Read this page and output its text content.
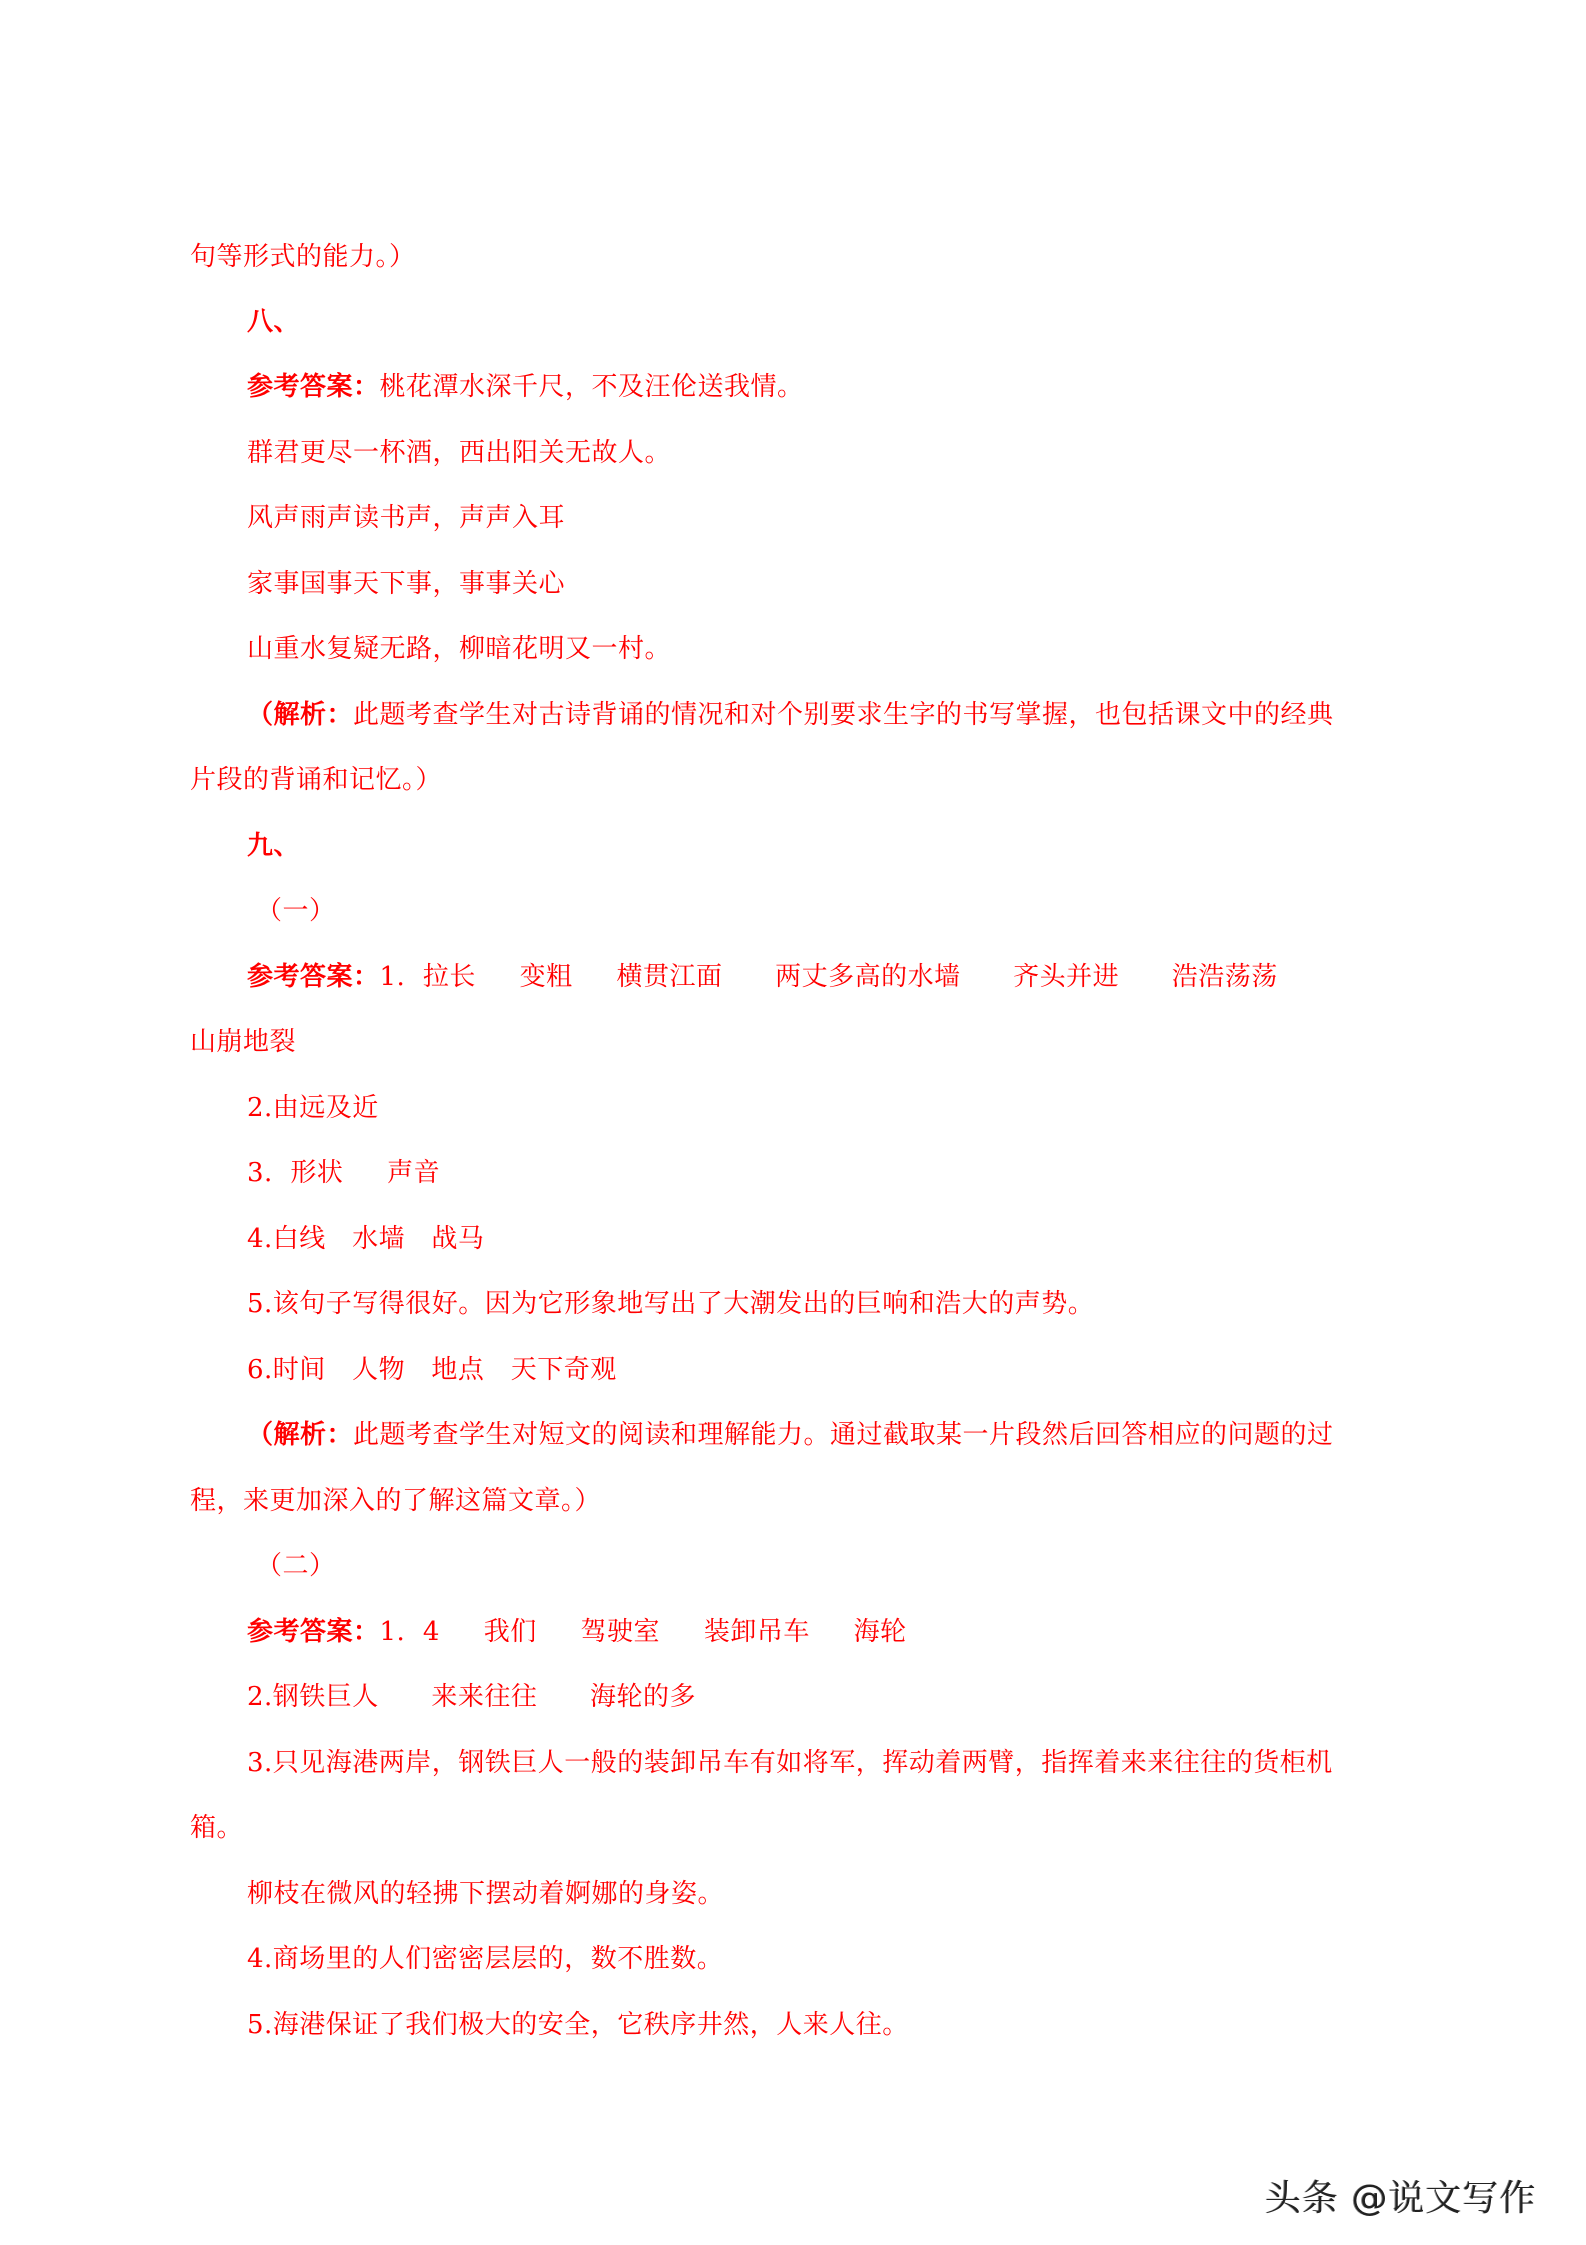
句等形式的能力。）
八、
参考答案：桃花潭水深千尺，不及汪伦送我情。
群君更尽一杯酒，西出阳关无故人。
风声雨声读书声，声声入耳
家事国事天下事，事事关心
山重水复疑无路，柳暗花明又一村。
（解析：此题考查学生对古诗背诵的情况和对个别要求生字的书写掌握，也包括课文中的经典
片段的背诵和记忆。）
九、
（一）
参考答案：1.  拉长     变粗     横贯江面      两丈多高的水墙      齐头并进      浩浩荡荡
山崩地裂
2.由远及近
3.  形状     声音
4.白线   水墙   战马
5.该句子写得很好。因为它形象地写出了大潮发出的巨响和浩大的声势。
6.时间   人物   地点   天下奇观
（解析：此题考查学生对短文的阅读和理解能力。通过截取某一片段然后回答相应的问题的过
程，来更加深入的了解这篇文章。）
（二）
参考答案：1.  4     我们     驾驶室     装卸吊车     海轮
2.钢铁巨人      来来往往      海轮的多
3.只见海港两岸，钢铁巨人一般的装卸吊车有如将军，挥动着两臂，指挥着来来往往的货柜机
箱。
柳枝在微风的轻拂下摆动着婀娜的身姿。
4.商场里的人们密密层层的，数不胜数。
5.海港保证了我们极大的安全，它秩序井然，人来人往。
头条 @说文写作
